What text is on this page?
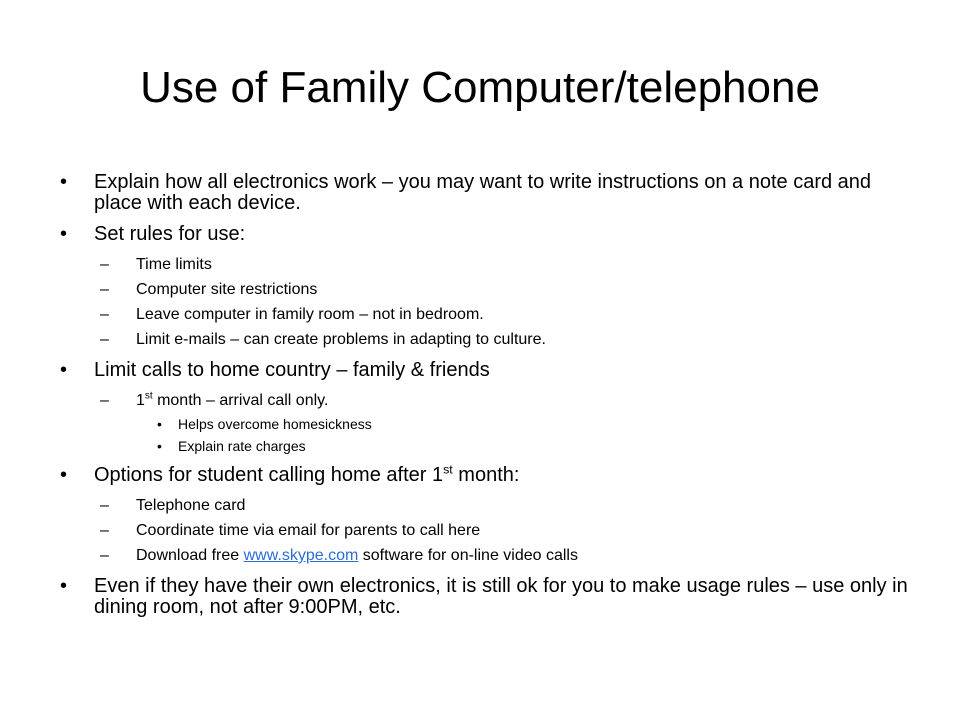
Use of Family Computer/telephone
• Explain how all electronics work – you may want to write instructions on a note card and place with each device.
• Set rules for use:
– Time limits
– Computer site restrictions
– Leave computer in family room – not in bedroom.
– Limit e-mails – can create problems in adapting to culture.
• Limit calls to home country – family & friends
– 1st month – arrival call only.
• Helps overcome homesickness
• Explain rate charges
• Options for student calling home after 1st month:
– Telephone card
– Coordinate time via email for parents to call here
– Download free www.skype.com software for on-line video calls
• Even if they have their own electronics, it is still ok for you to make usage rules – use only in dining room, not after 9:00PM, etc.
